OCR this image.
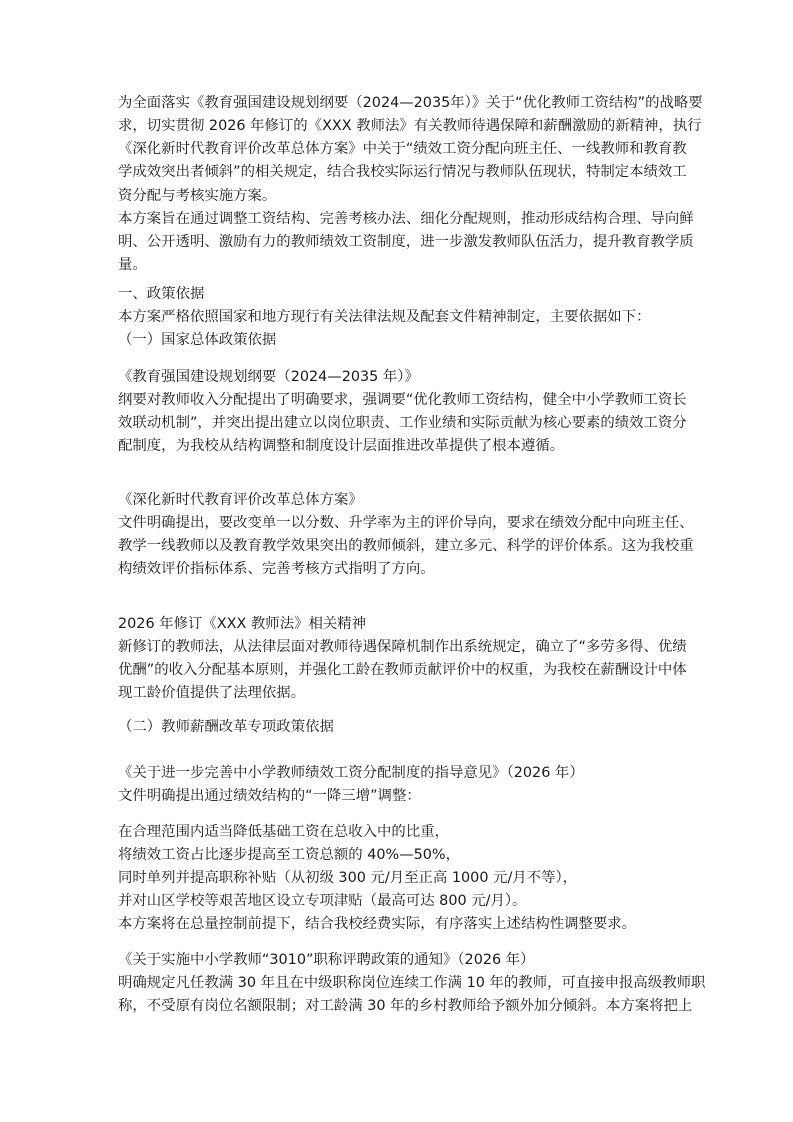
为全面落实《教育强国建设规划纲要（2024—2035年）》关于“优化教师工资结构”的战略要
求，切实贯彻 2026 年修订的《XXX 教师法》有关教师待遇保障和薪酬激励的新精神，执行
《深化新时代教育评价改革总体方案》中关于“绩效工资分配向班主任、一线教师和教育教
学成效突出者倾斜”的相关规定，结合我校实际运行情况与教师队伍现状，特制定本绩效工
资分配与考核实施方案。
本方案旨在通过调整工资结构、完善考核办法、细化分配规则，推动形成结构合理、导向鲜
明、公开透明、激励有力的教师绩效工资制度，进一步激发教师队伍活力，提升教育教学质
量。
一、政策依据
本方案严格依照国家和地方现行有关法律法规及配套文件精神制定，主要依据如下：
（一）国家总体政策依据
《教育强国建设规划纲要（2024—2035 年）》
纲要对教师收入分配提出了明确要求，强调要“优化教师工资结构，健全中小学教师工资长
效联动机制”，并突出提出建立以岗位职责、工作业绩和实际贡献为核心要素的绩效工资分
配制度，为我校从结构调整和制度设计层面推进改革提供了根本遵循。
《深化新时代教育评价改革总体方案》
文件明确提出，要改变单一以分数、升学率为主的评价导向，要求在绩效分配中向班主任、
教学一线教师以及教育教学效果突出的教师倾斜，建立多元、科学的评价体系。这为我校重
构绩效评价指标体系、完善考核方式指明了方向。
2026 年修订《XXX 教师法》相关精神
新修订的教师法，从法律层面对教师待遇保障机制作出系统规定，确立了“多劳多得、优绩
优酬”的收入分配基本原则，并强化工龄在教师贡献评价中的权重，为我校在薪酬设计中体
现工龄价值提供了法理依据。
（二）教师薪酬改革专项政策依据
《关于进一步完善中小学教师绩效工资分配制度的指导意见》（2026 年）
文件明确提出通过绩效结构的“一降三增”调整：
在合理范围内适当降低基础工资在总收入中的比重，
将绩效工资占比逐步提高至工资总额的 40%—50%，
同时单列并提高职称补贴（从初级 300 元/月至正高 1000 元/月不等），
并对山区学校等艰苦地区设立专项津贴（最高可达 800 元/月）。
本方案将在总量控制前提下，结合我校经费实际，有序落实上述结构性调整要求。
《关于实施中小学教师“3010”职称评聘政策的通知》（2026 年）
明确规定凡任教满 30 年且在中级职称岗位连续工作满 10 年的教师，可直接申报高级教师职
称，不受原有岗位名额限制；对工龄满 30 年的乡村教师给予额外加分倾斜。本方案将把上
